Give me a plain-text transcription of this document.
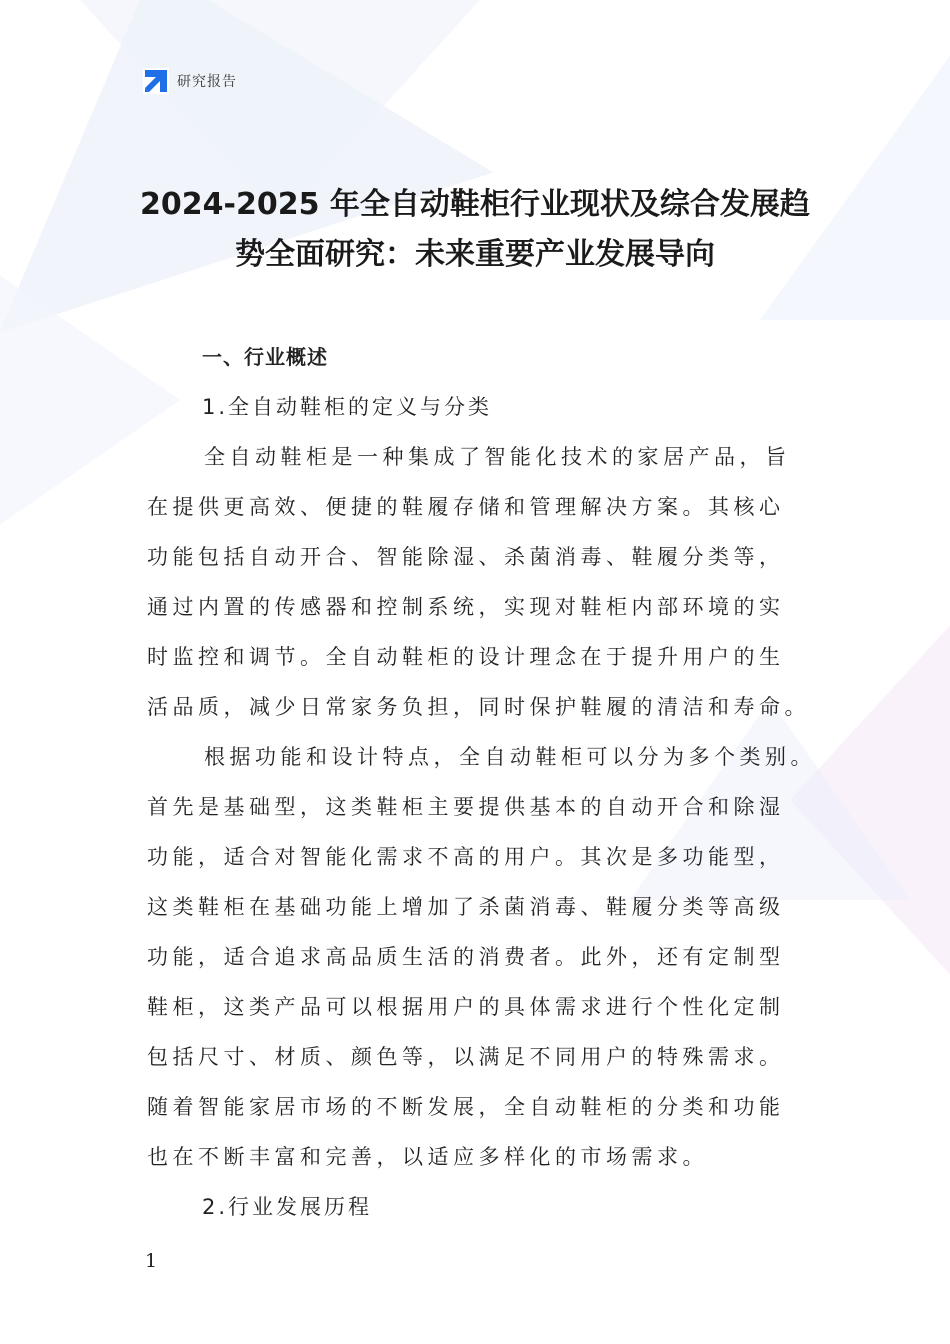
研究报告
2024-2025 年全自动鞋柜行业现状及综合发展趋
势全面研究：未来重要产业发展导向
一、行业概述
1.全自动鞋柜的定义与分类
全自动鞋柜是一种集成了智能化技术的家居产品，旨
在提供更高效、便捷的鞋履存储和管理解决方案。其核心
功能包括自动开合、智能除湿、杀菌消毒、鞋履分类等，
通过内置的传感器和控制系统，实现对鞋柜内部环境的实
时监控和调节。全自动鞋柜的设计理念在于提升用户的生
活品质，减少日常家务负担，同时保护鞋履的清洁和寿命。
根据功能和设计特点，全自动鞋柜可以分为多个类别。
首先是基础型，这类鞋柜主要提供基本的自动开合和除湿
功能，适合对智能化需求不高的用户。其次是多功能型，
这类鞋柜在基础功能上增加了杀菌消毒、鞋履分类等高级
功能，适合追求高品质生活的消费者。此外，还有定制型
鞋柜，这类产品可以根据用户的具体需求进行个性化定制
包括尺寸、材质、颜色等，以满足不同用户的特殊需求。
随着智能家居市场的不断发展，全自动鞋柜的分类和功能
也在不断丰富和完善，以适应多样化的市场需求。
2.行业发展历程
1
